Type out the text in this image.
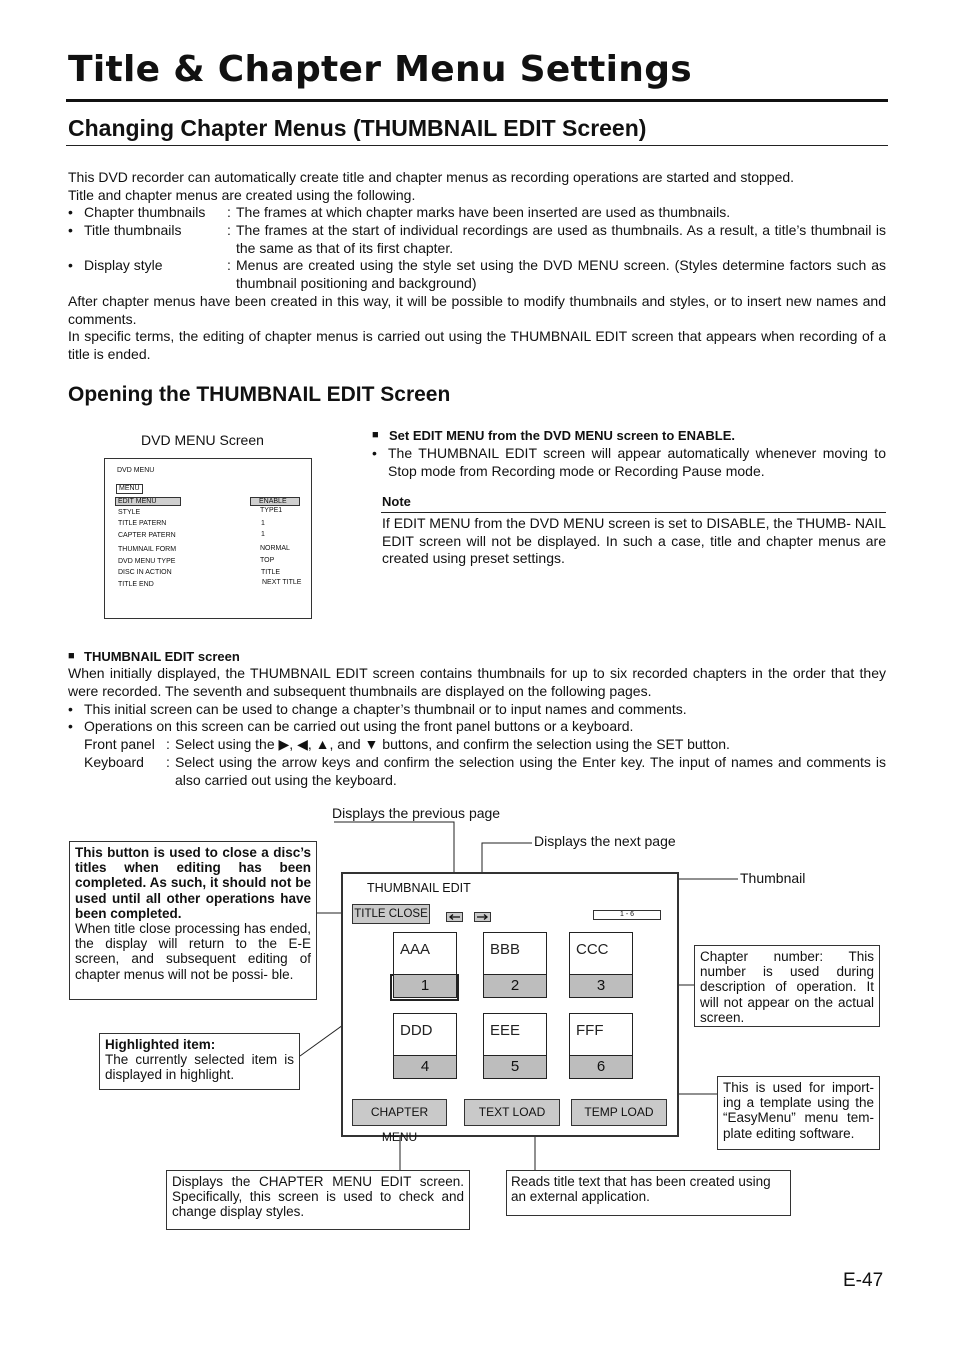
Title & Chapter Menu Settings
Changing Chapter Menus (THUMBNAIL EDIT Screen)
This DVD recorder can automatically create title and chapter menus as recording operations are started and stopped.
Title and chapter menus are created using the following.
• Chapter thumbnails : The frames at which chapter marks have been inserted are used as thumbnails.
• Title thumbnails	: The frames at the start of individual recordings are used as thumbnails. As a result, a title’s thumbnail is the same as that of its first chapter.
• Display style	: Menus are created using the style set using the DVD MENU screen. (Styles determine factors such as thumbnail positioning and background)
After chapter menus have been created in this way, it will be possible to modify thumbnails and styles, or to insert new names and comments.
In specific terms, the editing of chapter menus is carried out using the THUMBNAIL EDIT screen that appears when recording of a title is ended.
Opening the THUMBNAIL EDIT Screen
DVD MENU Screen
DVD MENU
MENU
EDIT MENU	ENABLE
STYLE	TYPE1
TITLE PATERN	1
CAPTER PATERN	1
THUMNAIL FORM	NORMAL
DVD MENU TYPE	TOP
DISC IN ACTION	TITLE
TITLE END	NEXT TITLE
■ Set EDIT MENU from the DVD MENU screen to ENABLE.
• The THUMBNAIL EDIT screen will appear automatically whenever moving to Stop mode from Recording mode or Recording Pause mode.
Note
If EDIT MENU from the DVD MENU screen is set to DISABLE, the THUMB- NAIL EDIT screen will not be displayed. In such a case, title and chapter menus are created using preset settings.
■ THUMBNAIL EDIT screen
When initially displayed, the THUMBNAIL EDIT screen contains thumbnails for up to six recorded chapters in the order that they were recorded. The seventh and subsequent thumbnails are displayed on the following pages.
• This initial screen can be used to change a chapter’s thumbnail or to input names and comments.
• Operations on this screen can be carried out using the front panel buttons or a keyboard.
Front panel : Select using the ▶, ◀, ▲, and ▼ buttons, and confirm the selection using the SET button.
Keyboard : Select using the arrow keys and confirm the selection using the Enter key. The input of names and comments is also carried out using the keyboard.
Displays the previous page
Displays the next page
Thumbnail
THUMBNAIL EDIT
TITLE CLOSE	1 - 6
AAA
1
BBB
2
CCC
3
DDD
4
EEE
5
FFF
6
CHAPTER MENU
TEXT LOAD	TEMP LOAD
This button is used to close a disc’s titles when editing has been completed. As such, it should not be used until all other operations have been completed.
When title close processing has ended, the display will return to the E-E screen, and subsequent editing of chapter menus will not be possi- ble.
Highlighted item:
The currently selected item is displayed in highlight.
Chapter number: This number is used during description of operation. It will not appear on the actual screen.
This is used for import- ing a template using the “EasyMenu” menu tem- plate editing software.
Displays the CHAPTER MENU EDIT screen. Specifically, this screen is used to check and change display styles.
Reads title text that has been created using an external application.
E-47
